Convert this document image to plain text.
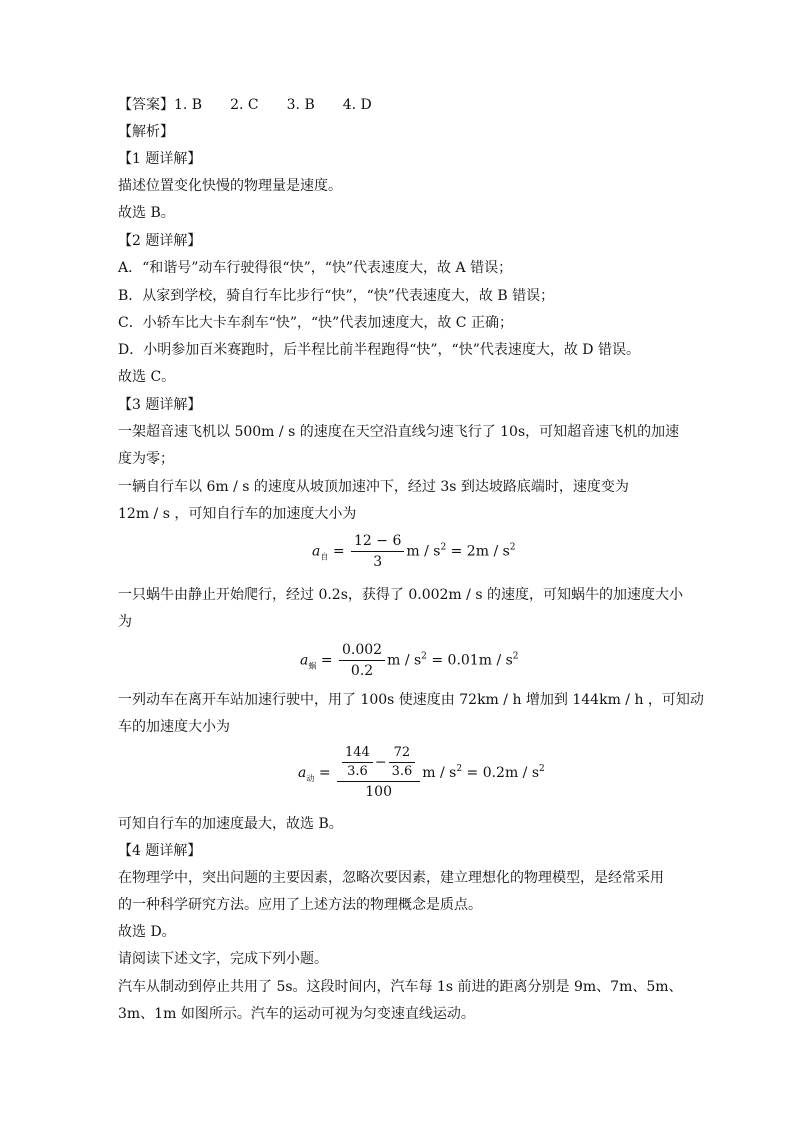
【答案】1. B 2. C 3. B 4. D
【解析】
【1 题详解】
描述位置变化快慢的物理量是速度。
故选 B。
【2 题详解】
A．“和谐号”动车行驶得很“快”，“快”代表速度大，故 A 错误；
B．从家到学校，骑自行车比步行“快”，“快”代表速度大，故 B 错误；
C．小轿车比大卡车刹车“快”，“快”代表加速度大，故 C 正确；
D．小明参加百米赛跑时，后半程比前半程跑得“快”，“快”代表速度大，故 D 错误。
故选 C。
【3 题详解】
一架超音速飞机以 500m / s 的速度在天空沿直线匀速飞行了 10s，可知超音速飞机的加速
度为零；
一辆自行车以 6m / s 的速度从坡顶加速冲下，经过 3s 到达坡路底端时，速度变为
12m / s ，可知自行车的加速度大小为
$a_自 = \frac{12 - 6}{3}$ $m / s^2 = 2m / s^2$
一只蜗牛由静止开始爬行，经过 0.2s，获得了 0.002m / s 的速度，可知蜗牛的加速度大小
为
$a_蜗 = \frac{0.002}{0.2}$ $m / s^2 = 0.01m / s^2$
一列动车在离开车站加速行驶中，用了 100s 使速度由 72km / h 增加到 144km / h ，可知动
车的加速度大小为
$a_动 = \frac{\frac{144}{3.6} - \frac{72}{3.6}}{100}$ $m / s^2 = 0.2m / s^2$
可知自行车的加速度最大，故选 B。
【4 题详解】
在物理学中，突出问题的主要因素，忽略次要因素，建立理想化的物理模型，是经常采用
的一种科学研究方法。应用了上述方法的物理概念是质点。
故选 D。
请阅读下述文字，完成下列小题。
汽车从制动到停止共用了 5s。这段时间内，汽车每 1s 前进的距离分别是 9m、7m、5m、
3m、1m 如图所示。汽车的运动可视为匀变速直线运动。
